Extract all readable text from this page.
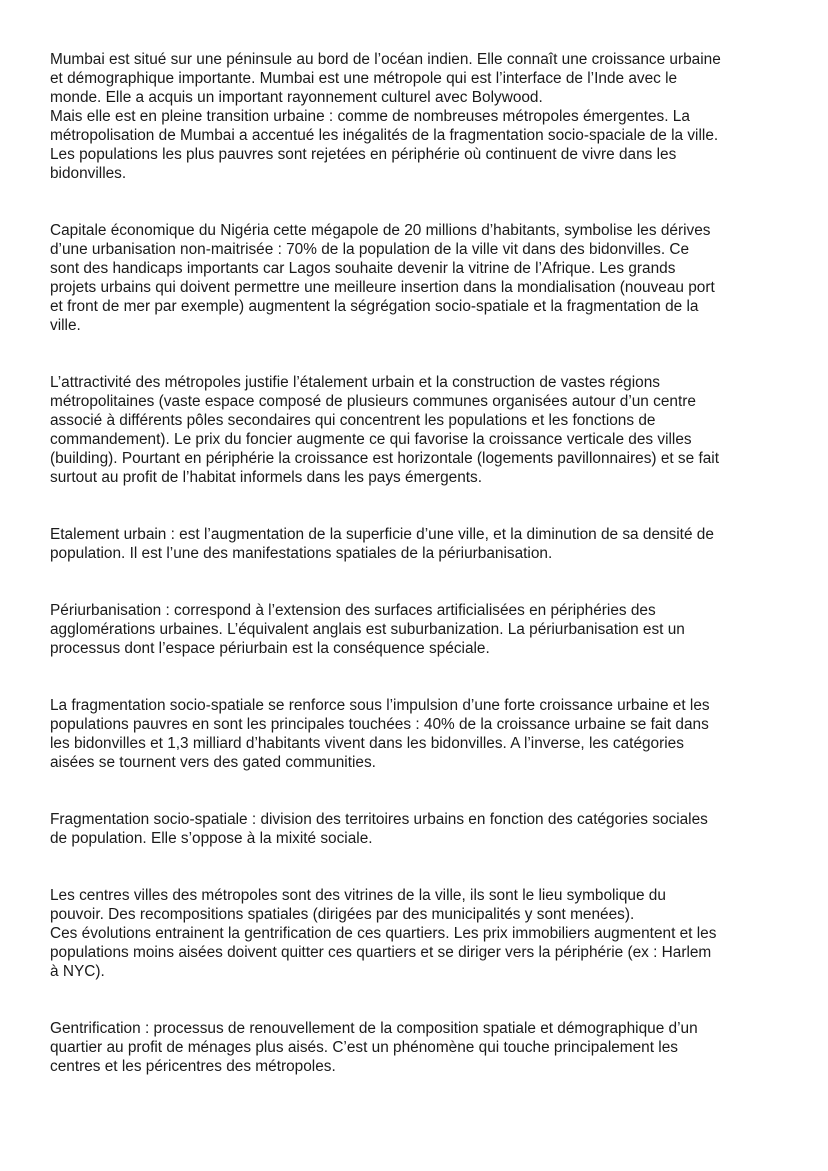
Mumbai est situé sur une péninsule au bord de l’océan indien. Elle connaît une croissance urbaine
et démographique importante. Mumbai est une métropole qui est l’interface de l’Inde avec le
monde. Elle a acquis un important rayonnement culturel avec Bolywood.
Mais elle est en pleine transition urbaine : comme de nombreuses métropoles émergentes. La
métropolisation de Mumbai a accentué les inégalités de la fragmentation socio-spaciale de la ville.
Les populations les plus pauvres sont rejetées en périphérie où continuent de vivre dans les
bidonvilles.

Capitale économique du Nigéria cette mégapole de 20 millions d’habitants, symbolise les dérives
d’une urbanisation non-maitrisée : 70% de la population de la ville vit dans des bidonvilles. Ce
sont des handicaps importants car Lagos souhaite devenir la vitrine de l’Afrique. Les grands
projets urbains qui doivent permettre une meilleure insertion dans la mondialisation (nouveau port
et front de mer par exemple) augmentent la ségrégation socio-spatiale et la fragmentation de la
ville.

L’attractivité des métropoles justifie l’étalement urbain et la construction de vastes régions
métropolitaines (vaste espace composé de plusieurs communes organisées autour d’un centre
associé à différents pôles secondaires qui concentrent les populations et les fonctions de
commandement). Le prix du foncier augmente ce qui favorise la croissance verticale des villes
(building). Pourtant en périphérie la croissance est horizontale (logements pavillonnaires) et se fait
surtout au profit de l’habitat informels dans les pays émergents.

Etalement urbain : est l’augmentation de la superficie d’une ville, et la diminution de sa densité de
population. Il est l’une des manifestations spatiales de la périurbanisation.

Périurbanisation : correspond à l’extension des surfaces artificialisées en périphéries des
agglomérations urbaines. L’équivalent anglais est suburbanization. La périurbanisation est un
processus dont l’espace périurbain est la conséquence spéciale.

La fragmentation socio-spatiale se renforce sous l’impulsion d’une forte croissance urbaine et les
populations pauvres en sont les principales touchées : 40% de la croissance urbaine se fait dans
les bidonvilles et 1,3 milliard d’habitants vivent dans les bidonvilles. A l’inverse, les catégories
aisées se tournent vers des gated communities.

Fragmentation socio-spatiale : division des territoires urbains en fonction des catégories sociales
de population. Elle s’oppose à la mixité sociale.

Les centres villes des métropoles sont des vitrines de la ville, ils sont le lieu symbolique du
pouvoir. Des recompositions spatiales (dirigées par des municipalités y sont menées).
Ces évolutions entrainent la gentrification de ces quartiers. Les prix immobiliers augmentent et les
populations moins aisées doivent quitter ces quartiers et se diriger vers la périphérie (ex : Harlem
à NYC).

Gentrification : processus de renouvellement de la composition spatiale et démographique d’un
quartier au profit de ménages plus aisés. C’est un phénomène qui touche principalement les
centres et les péricentres des métropoles.
